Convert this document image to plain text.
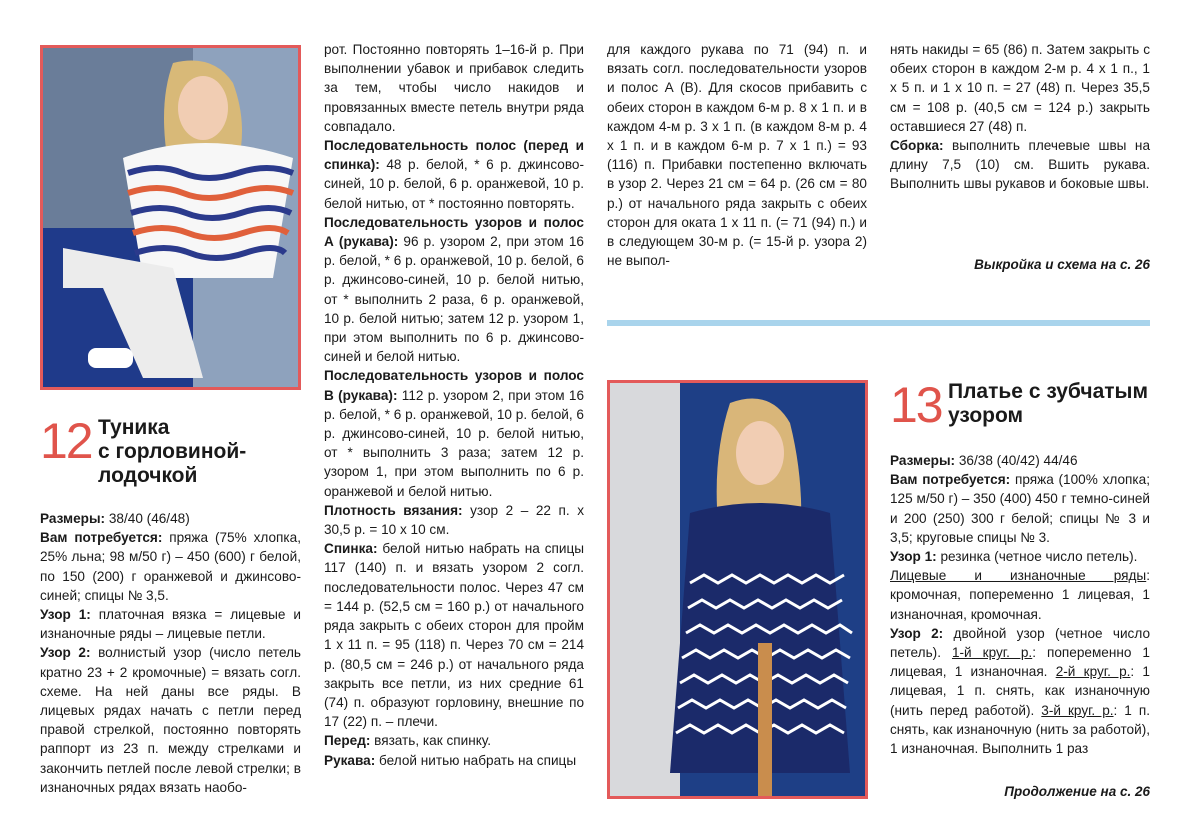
12 Туника
с горловиной-
лодочкой

Размеры: 38/40 (46/48)

Вам потребуется: пряжа (75% хлопка, 25% льна; 98 м/50 г) – 450 (600) г белой, по 150 (200) г оранжевой и джинсово-синей; спицы № 3,5.

Узор 1: платочная вязка = лицевые и изнаночные ряды – лицевые петли.

Узор 2: волнистый узор (число петель кратно 23 + 2 кромочные) = вязать согл. схеме. На ней даны все ряды. В лицевых рядах начать с петли перед правой стрелкой, постоянно повторять раппорт из 23 п. между стрелками и закончить петлей после левой стрелки; в изнаночных рядах вязать наобо-

рот. Постоянно повторять 1–16-й р. При выполнении убавок и прибавок следить за тем, чтобы число накидов и провязанных вместе петель внутри ряда совпадало.

Последовательность полос (перед и спинка): 48 р. белой, * 6 р. джинсово-синей, 10 р. белой, 6 р. оранжевой, 10 р. белой нитью, от * постоянно повторять.

Последовательность узоров и полос А (рукава): 96 р. узором 2, при этом 16 р. белой, * 6 р. оранжевой, 10 р. белой, 6 р. джинсово-синей, 10 р. белой нитью, от * выполнить 2 раза, 6 р. оранжевой, 10 р. белой нитью; затем 12 р. узором 1, при этом выполнить по 6 р. джинсово-синей и белой нитью.

Последовательность узоров и полос В (рукава): 112 р. узором 2, при этом 16 р. белой, * 6 р. оранжевой, 10 р. белой, 6 р. джинсово-синей, 10 р. белой нитью, от * выполнить 3 раза; затем 12 р. узором 1, при этом выполнить по 6 р. оранжевой и белой нитью.

Плотность вязания: узор 2 – 22 п. х 30,5 р. = 10 х 10 см.

Спинка: белой нитью набрать на спицы 117 (140) п. и вязать узором 2 согл. последовательности полос. Через 47 см = 144 р. (52,5 см = 160 р.) от начального ряда закрыть с обеих сторон для пройм 1 х 11 п. = 95 (118) п. Через 70 см = 214 р. (80,5 см = 246 р.) от начального ряда закрыть все петли, из них средние 61 (74) п. образуют горловину, внешние по 17 (22) п. – плечи.

Перед: вязать, как спинку.

Рукава: белой нитью набрать на спицы

для каждого рукава по 71 (94) п. и вязать согл. последовательности узоров и полос А (В). Для скосов прибавить с обеих сторон в каждом 6-м р. 8 х 1 п. и в каждом 4-м р. 3 х 1 п. (в каждом 8-м р. 4 х 1 п. и в каждом 6-м р. 7 х 1 п.) = 93 (116) п. Прибавки постепенно включать в узор 2. Через 21 см = 64 р. (26 см = 80 р.) от начального ряда закрыть с обеих сторон для оката 1 х 11 п. (= 71 (94) п.) и в следующем 30-м р. (= 15-й р. узора 2) не выпол-

нять накиды = 65 (86) п. Затем закрыть с обеих сторон в каждом 2-м р. 4 х 1 п., 1 х 5 п. и 1 х 10 п. = 27 (48) п. Через 35,5 см = 108 р. (40,5 см = 124 р.) закрыть оставшиеся 27 (48) п.

Сборка: выполнить плечевые швы на длину 7,5 (10) см. Вшить рукава. Выполнить швы рукавов и боковые швы.

Выкройка и схема на с. 26
13 Платье с зубчатым
узором

Размеры: 36/38 (40/42) 44/46

Вам потребуется: пряжа (100% хлопка; 125 м/50 г) – 350 (400) 450 г темно-синей и 200 (250) 300 г белой; спицы № 3 и 3,5; круговые спицы № 3.

Узор 1: резинка (четное число петель).

Лицевые и изнаночные ряды: кромочная, попеременно 1 лицевая, 1 изнаночная, кромочная.

Узор 2: двойной узор (четное число петель). 1-й круг. р.: попеременно 1 лицевая, 1 изнаночная. 2-й круг. р.: 1 лицевая, 1 п. снять, как изнаночную (нить перед работой). 3-й круг. р.: 1 п. снять, как изнаночную (нить за работой), 1 изнаночная. Выполнить 1 раз

Продолжение на с. 26
